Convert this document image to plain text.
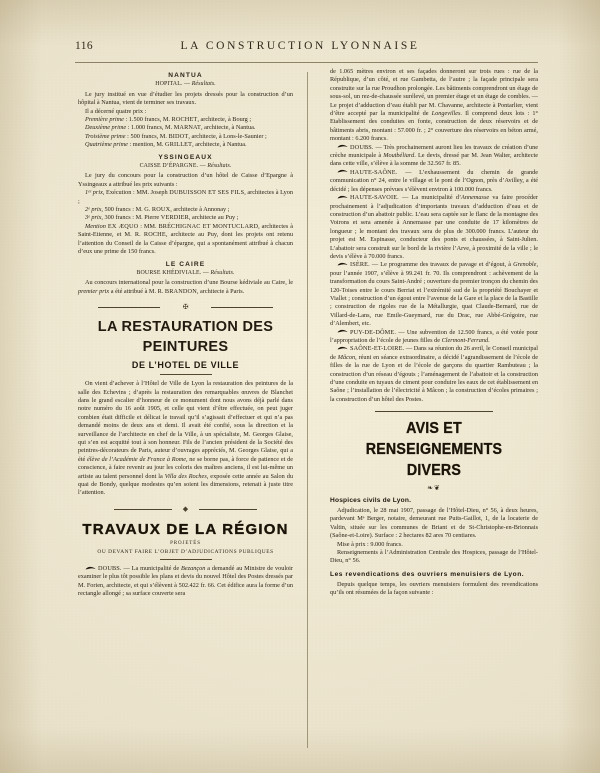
116	LA CONSTRUCTION LYONNAISE
NANTUA
HOPITAL. — Résultats.

Le jury institué en vue d’étudier les projets dressés pour la construction d’un hôpital à Nantua, vient de terminer ses travaux.

Il a décerné quatre prix :

Première prime : 1.500 francs, M. ROCHET, architecte, à Bourg ;

Deuxième prime : 1.000 francs, M. MARNAT, architecte, à Nantua.

Troisième prime : 500 francs, M. BIDOT, architecte, à Lons-le-Saunier ;

Quatrième prime : mention, M. GRILLET, architecte, à Nantua.

YSSINGEAUX
CAISSE D’ÉPARGNE. — Résultats.

Le jury du concours pour la construction d’un hôtel de Caisse d’Epargne à Yssingeaux a attribué les prix suivants :

1ᵉʳ prix, Exécution : MM. Joseph DUBUISSON ET SES FILS, architectes à Lyon ;

2ᵉ prix, 500 francs : M. G. ROUX, architecte à Annonay ;

3ᵉ prix, 300 francs : M. Pierre VERDIER, architecte au Puy ;

Mention EX ÆQUO : MM. BRÉCHIGNAC ET MONTUCLARD, architectes à Saint-Etienne, et M. R. ROCHE, architecte au Puy, dont les projets ont retenu l’attention du Conseil de la Caisse d’épargne, qui a spontanément attribué à chacun d’eux une prime de 150 francs.

LE CAIRE
BOURSE KHÉDIVIALE. — Résultats.

Au concours international pour la construction d’une Bourse kédiviale au Caire, le premier prix a été attribué à M. R. BRANDON, architecte à Paris.

✠
LA RESTAURATION DES PEINTURES
DE L’HOTEL DE VILLE

On vient d’achever à l’Hôtel de Ville de Lyon la restauration des peintures de la salle des Echevins ; d’après la restauration des remarquables œuvres de Blanchet dans le grand escalier d’honneur de ce monument dont nous avons déjà parlé dans notre numéro du 16 août 1905, et celle qui vient d’être effectuée, on peut juger combien était difficile et délicat le travail qu’il s’agissait d’effectuer et qui n’a pas demandé moins de deux ans et demi. Il avait été confié, sous la direction et la surveillance de l’architecte en chef de la Ville, à un spécialiste, M. Georges Glaise, qui s’en est acquitté tout à son honneur. Fils de l’ancien président de la Société des peintres-décorateurs de Paris, auteur d’ouvrages appréciés, M. Georges Glaise, qui a été élève de l’Académie de France à Rome, ne se borne pas, à force de patience et de conscience, à faire revenir au jour les coloris des maîtres anciens, il est lui-même un artiste au talent personnel dont la Villa des Roches, exposée cette année au Salon du quai de Bondy, quelque modestes qu’en soient les dimensions, retenait à juste titre l’attention.

◆
TRAVAUX DE LA RÉGION
PROJETÉS
OU DEVANT FAIRE L’OBJET D’ADJUDICATIONS PUBLIQUES

DOUBS. — La municipalité de Bezançon a demandé au Ministre de vouloir examiner le plus tôt possible les plans et devis du nouvel Hôtel des Postes dressés par M. Forien, architecte, et qui s’élèvent à 502.422 fr. 66. Cet édifice aura la forme d’un rectangle allongé ; sa surface couverte sera

de 1.065 mètres environ et ses façades donneront sur trois rues : rue de la République, d’un côté, et rue Gambetta, de l’autre ; la façade principale sera construite sur la rue Proudhon prolongée. Les bâtiments comprendront un étage de sous-sol, un rez-de-chaussée surélevé, un premier étage et un étage de combles. — Le projet d’adduction d’eau établi par M. Chavanne, architecte à Pontarlier, vient d’être accepté par la municipalité de Longevilles. Il comprend deux lots : 1° Etablissement des conduites en fonte, construction de deux réservoirs et de bâtiments abris, montant : 57.000 fr. ; 2° couverture des réservoirs en béton armé, montant : 6.200 francs.

DOUBS. — Très prochainement auront lieu les travaux de création d’une crèche municipale à Moutbéliard. Le devis, dressé par M. Jean Walter, architecte dans cette ville, s’élève à la somme de 32.567 fr. 85.

HAUTE-SAÔNE. — L’exhaussement du chemin de grande communication n° 24, entre le village et le pont de l’Ognon, près d’Avilley, a été décidé ; les dépenses prévues s’élèvent environ à 100.000 francs.

HAUTE-SAVOIE. — La municipalité d’Annemasse va faire procéder prochainement à l’adjudication d’importants travaux d’adduction d’eau et de construction d’un abattoir public. L’eau sera captée sur le flanc de la montagne des Voirons et sera amenée à Annemasse par une conduite de 17 kilomètres de longueur ; le montant des travaux sera de plus de 300.000 francs. L’auteur du projet est M. Espinasse, conducteur des ponts et chaussées, à Saint-Julien. L’abattoir sera construit sur le bord de la rivière l’Arve, à proximité de la ville ; le devis s’élève à 70.000 francs.

ISÈRE. — Le programme des travaux de pavage et d’égout, à Grenoble, pour l’année 1907, s’élève à 99.241 fr. 70. Ils comprendront : achèvement de la transformation du cours Saint-André ; ouverture du premier tronçon du chemin des 120-Toises entre le cours Berriat et l’extrémité sud de la propriété Bouchayer et Viallet ; construction d’un égout entre l’avenue de la Gare et la place de la Bastille ; construction de rigoles rue de la Métallurgie, quai Claude-Bernard, rue de Villard-de-Lans, rue Emile-Gueymard, rue du Drac, rue Abbé-Grégoire, rue d’Alembert, etc.

PUY-DE-DÔME. — Une subvention de 12.500 francs, a été votée pour l’appropriation de l’école de jeunes filles de Clermont-Ferrand.

SAÔNE-ET-LOIRE. — Dans sa réunion du 26 avril, le Conseil municipal de Mâcon, réuni en séance extraordinaire, a décidé l’agrandissement de l’école de filles de la rue de Lyon et de l’école de garçons du quartier Rambuteau ; la construction d’un réseau d’égouts ; l’aménagement de l’abattoir et la construction d’une conduite en tuyaux de ciment pour conduire les eaux de cet établissement en Saône ; l’installation de l’électricité à Mâcon ; la construction d’écoles primaires ; la construction d’un hôtel des Postes.

AVIS ET RENSEIGNEMENTS DIVERS
❧❦
Hospices civils de Lyon.

Adjudication, le 28 mai 1907, passage de l’Hôtel-Dieu, n° 56, à deux heures, pardevant Mᵉ Berger, notaire, demeurant rue Puits-Gaillot, 1, de la locaterie de Valtin, située sur les communes de Briant et de St-Christophe-en-Brionnais (Saône-et-Loire). Surface : 2 hectares 82 ares 70 centiares.

Mise à prix : 9.000 francs.

Renseignements à l’Administration Centrale des Hospices, passage de l’Hôtel-Dieu, n° 56.

Les revendications des ouvriers menuisiers de Lyon.

Depuis quelque temps, les ouvriers menuisiers formulent des revendications qu’ils ont résumées de la façon suivante :
